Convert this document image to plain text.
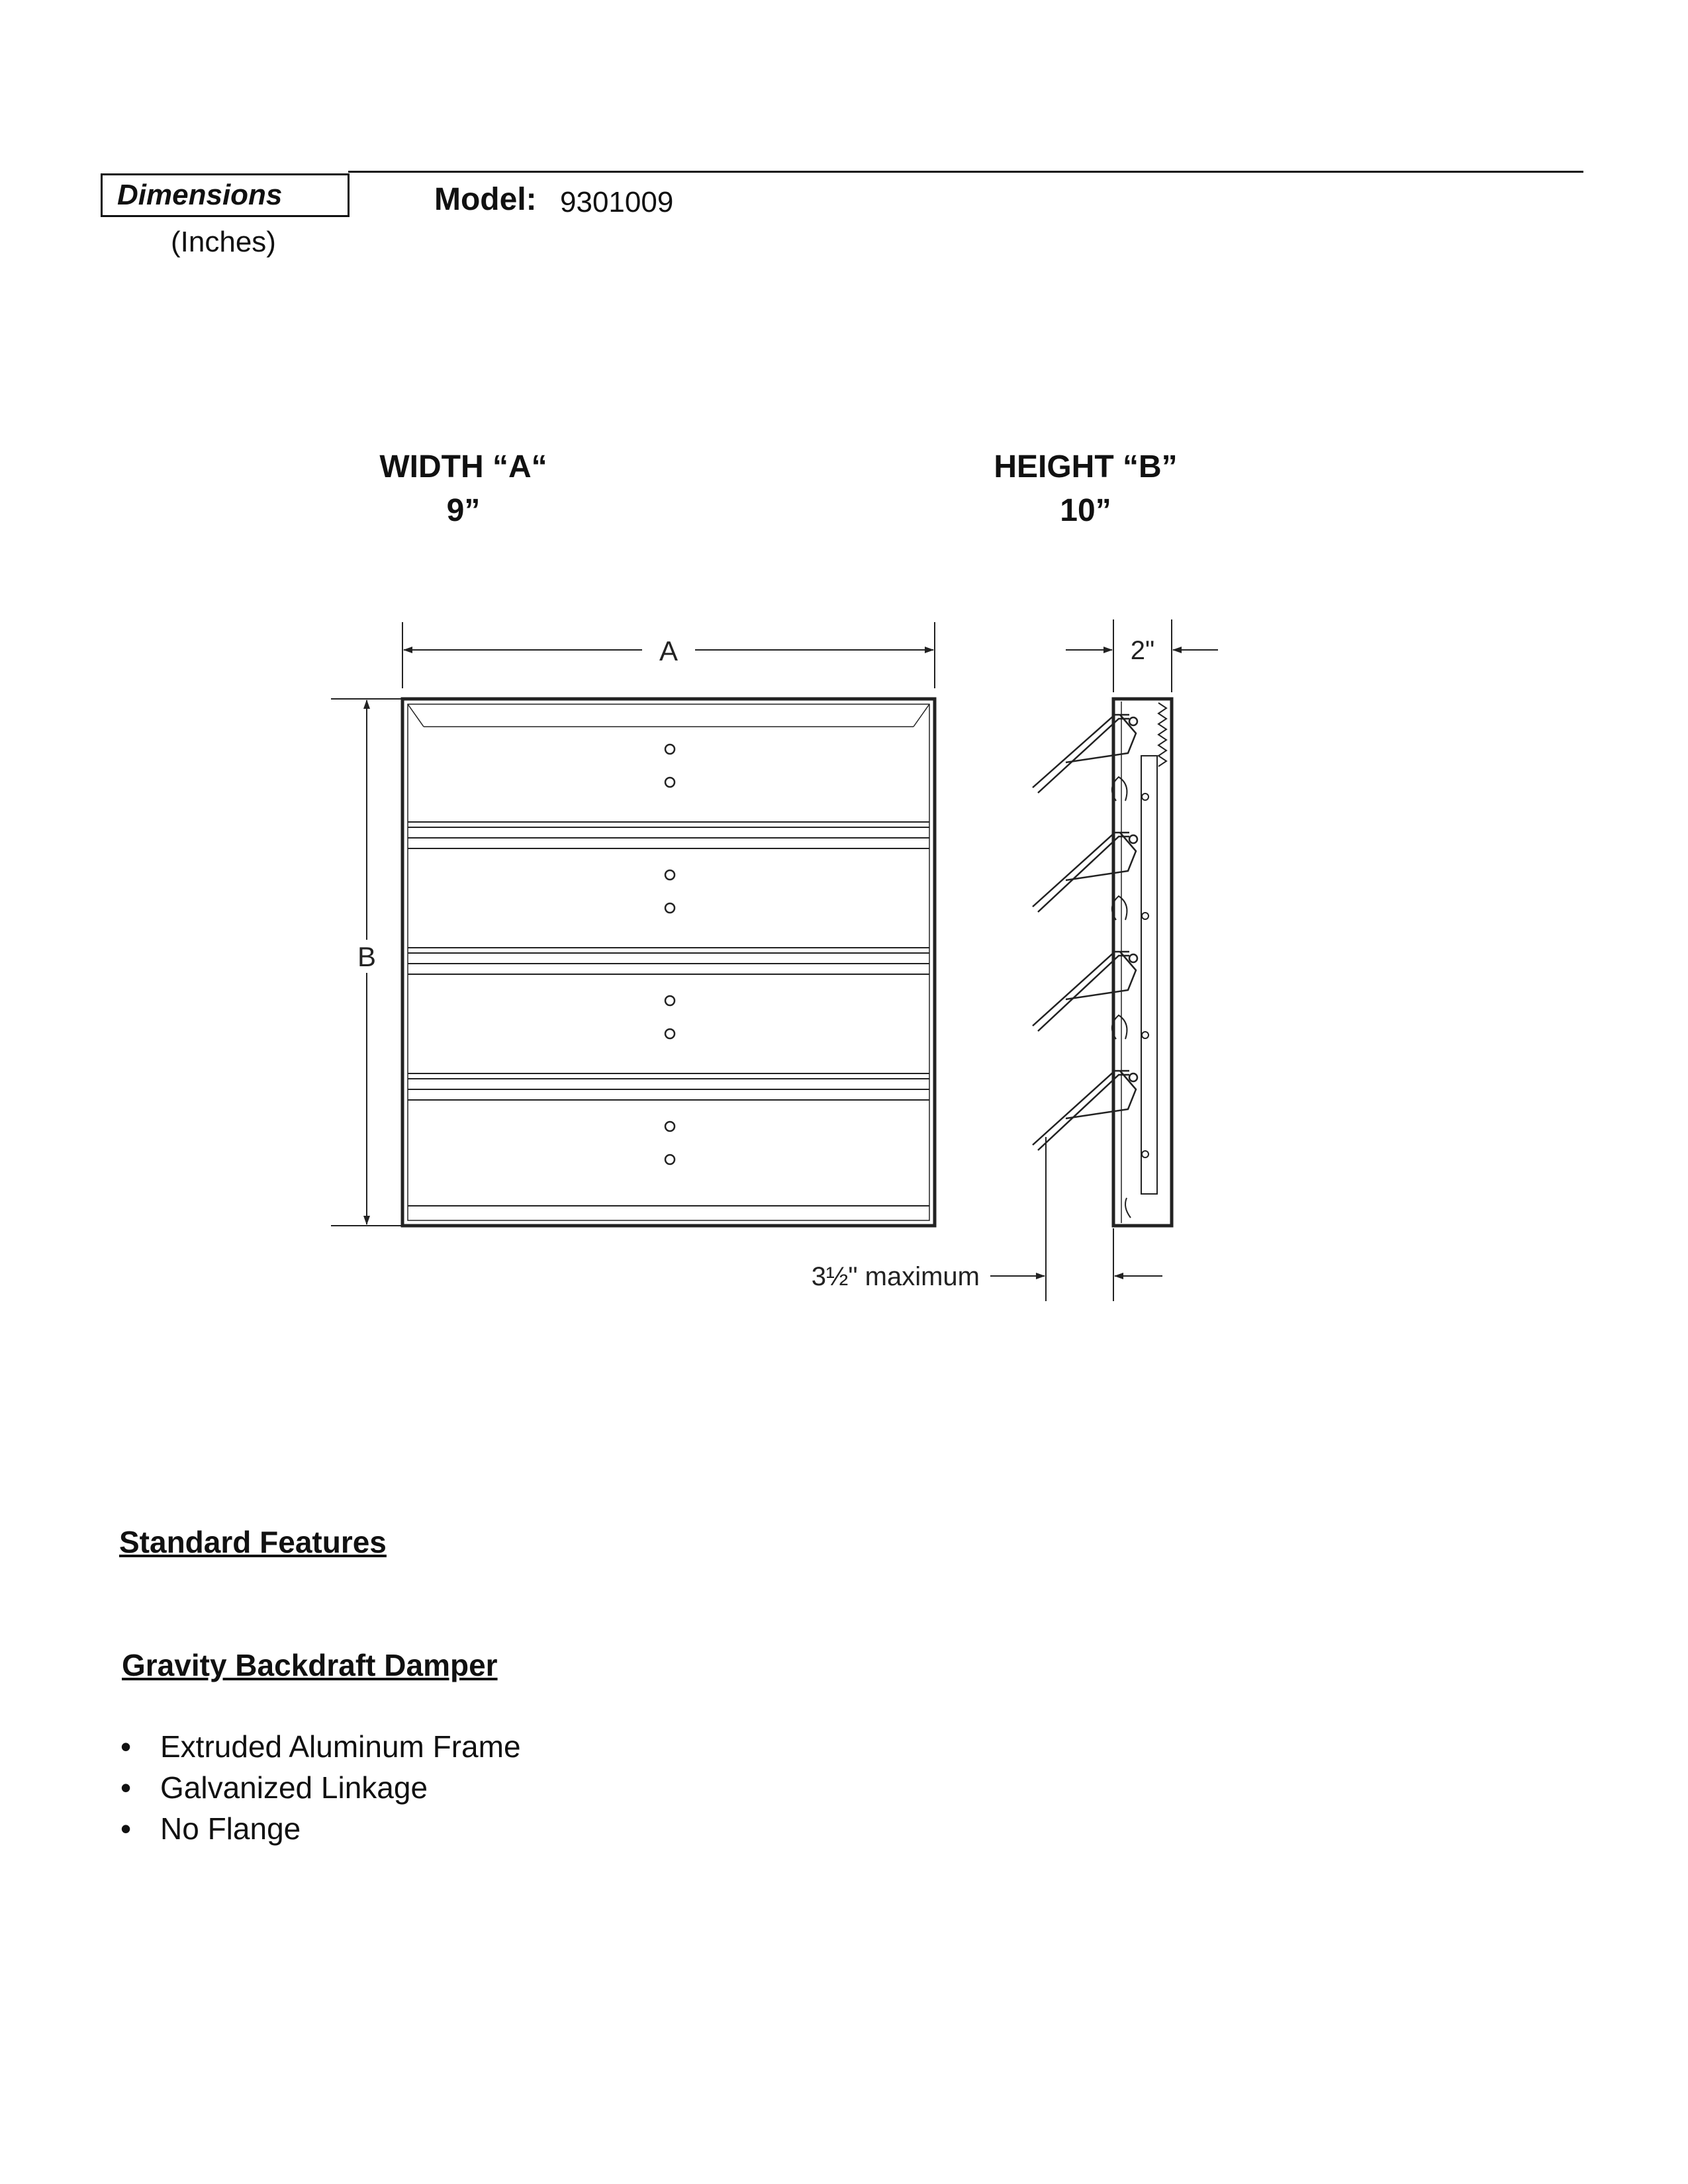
Dimensions
(Inches)
Model: 9301009
WIDTH “A“
9”
HEIGHT “B”
10”
A
B
2"
3½" maximum
Standard Features
Gravity Backdraft Damper
• Extruded Aluminum Frame
• Galvanized Linkage
• No Flange
